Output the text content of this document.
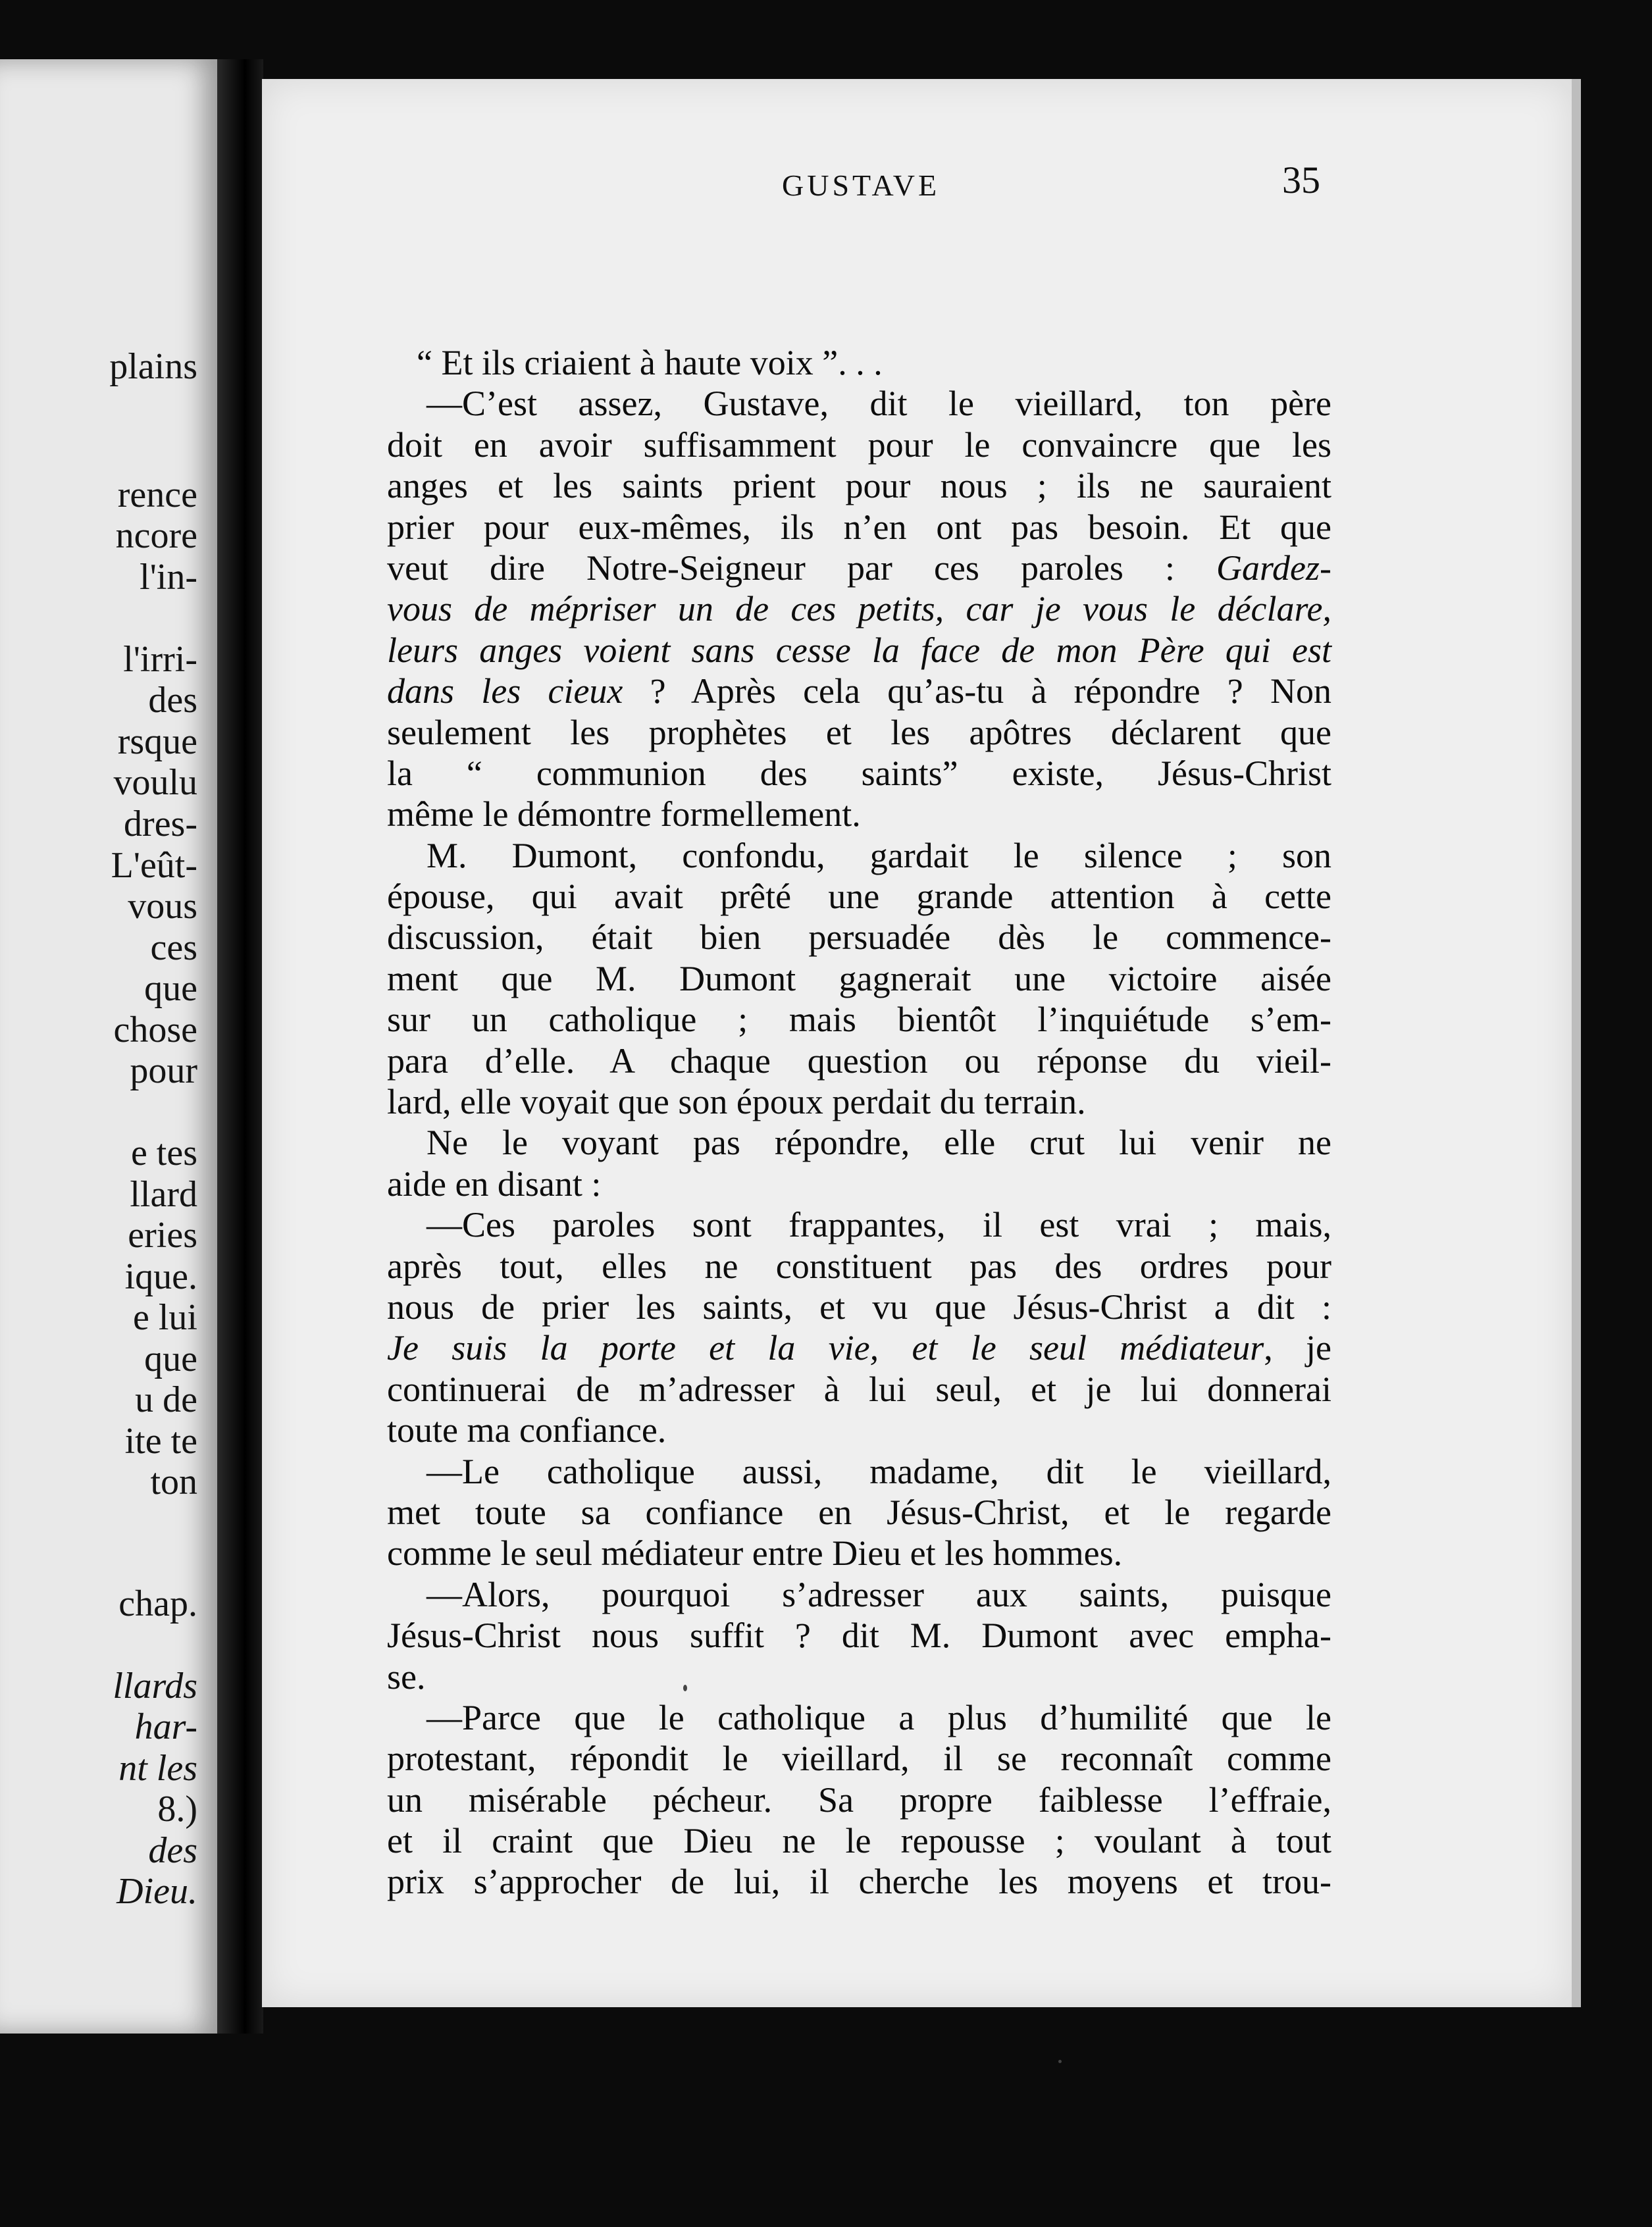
plains
rence
ncore
l'in-
l'irri-
des
rsque
voulu
dres-
L'eût-
vous
ces
que
chose
pour
e tes
llard
eries
ique.
e lui
que
u de
ite te
ton
chap.
llards
har-
nt les
8.)
des
Dieu.
GUSTAVE	35
“ Et ils criaient à haute voix ”. . .
—C’est assez, Gustave, dit le vieillard, ton père
doit en avoir suffisamment pour le convaincre que les
anges et les saints prient pour nous ; ils ne sauraient
prier pour eux-mêmes, ils n’en ont pas besoin. Et que
veut dire Notre-Seigneur par ces paroles : Gardez-
vous de mépriser un de ces petits, car je vous le déclare,
leurs anges voient sans cesse la face de mon Père qui est
dans les cieux ? Après cela qu’as-tu à répondre ? Non
seulement les prophètes et les apôtres déclarent que
la “ communion des saints” existe, Jésus-Christ
même le démontre formellement.
M. Dumont, confondu, gardait le silence ; son
épouse, qui avait prêté une grande attention à cette
discussion, était bien persuadée dès le commence-
ment que M. Dumont gagnerait une victoire aisée
sur un catholique ; mais bientôt l’inquiétude s’em-
para d’elle. A chaque question ou réponse du vieil-
lard, elle voyait que son époux perdait du terrain.
Ne le voyant pas répondre, elle crut lui venir ne
aide en disant :
—Ces paroles sont frappantes, il est vrai ; mais,
après tout, elles ne constituent pas des ordres pour
nous de prier les saints, et vu que Jésus-Christ a dit :
Je suis la porte et la vie, et le seul médiateur, je
continuerai de m’adresser à lui seul, et je lui donnerai
toute ma confiance.
—Le catholique aussi, madame, dit le vieillard,
met toute sa confiance en Jésus-Christ, et le regarde
comme le seul médiateur entre Dieu et les hommes.
—Alors, pourquoi s’adresser aux saints, puisque
Jésus-Christ nous suffit ? dit M. Dumont avec empha-
se.
—Parce que le catholique a plus d’humilité que le
protestant, répondit le vieillard, il se reconnaît comme
un misérable pécheur. Sa propre faiblesse l’effraie,
et il craint que Dieu ne le repousse ; voulant à tout
prix s’approcher de lui, il cherche les moyens et trou-
